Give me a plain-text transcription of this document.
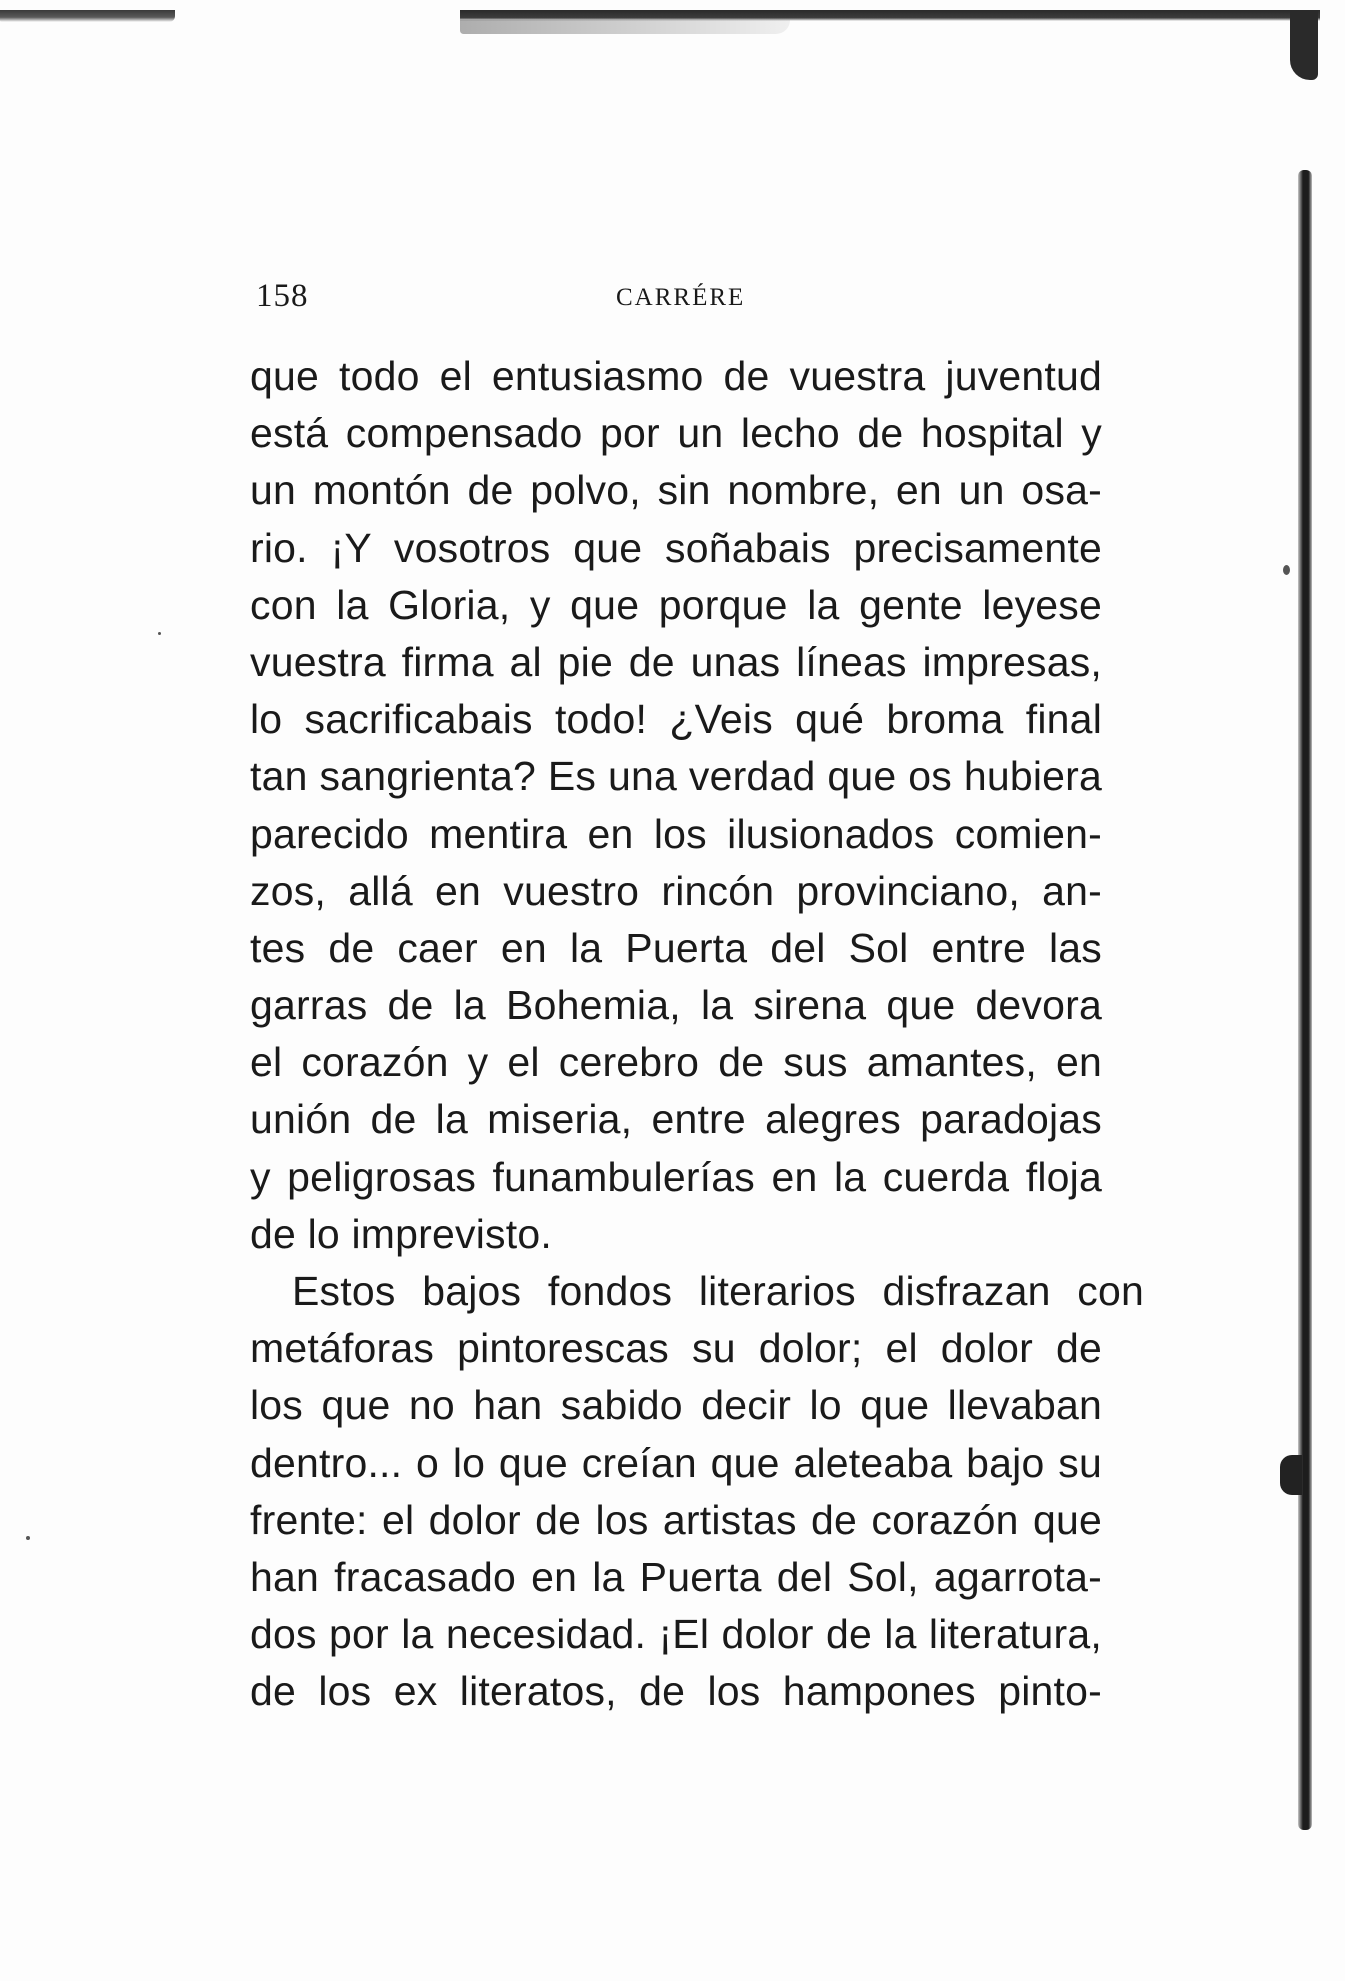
158	CARRÉRE
que todo el entusiasmo de vuestra juventud
está compensado por un lecho de hospital y
un montón de polvo, sin nombre, en un osa-
rio. ¡Y vosotros que soñabais precisamente
con la Gloria, y que porque la gente leyese
vuestra firma al pie de unas líneas impresas,
lo sacrificabais todo! ¿Veis qué broma final
tan sangrienta? Es una verdad que os hubiera
parecido mentira en los ilusionados comien-
zos, allá en vuestro rincón provinciano, an-
tes de caer en la Puerta del Sol entre las
garras de la Bohemia, la sirena que devora
el corazón y el cerebro de sus amantes, en
unión de la miseria, entre alegres paradojas
y peligrosas funambulerías en la cuerda floja
de lo imprevisto.
Estos bajos fondos literarios disfrazan con
metáforas pintorescas su dolor; el dolor de
los que no han sabido decir lo que llevaban
dentro... o lo que creían que aleteaba bajo su
frente: el dolor de los artistas de corazón que
han fracasado en la Puerta del Sol, agarrota-
dos por la necesidad. ¡El dolor de la literatura,
de los ex literatos, de los hampones pinto-
